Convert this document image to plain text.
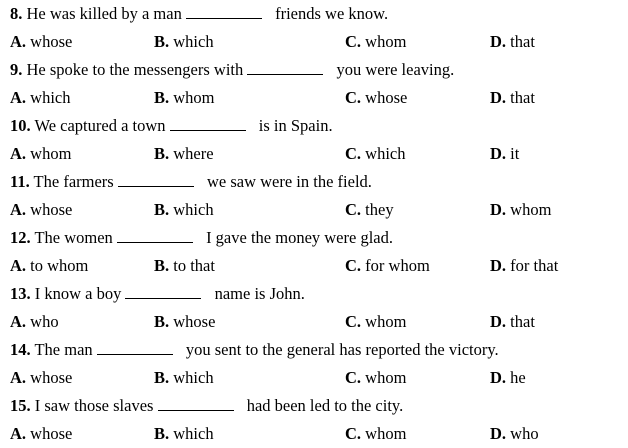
8. He was killed by a man	friends we know.
A. whose	B. which	C. whom	D. that
9. He spoke to the messengers with	you were leaving.
A. which	B. whom	C. whose	D. that
10. We captured a town	is in Spain.
A. whom	B. where	C. which	D. it
11. The farmers	we saw were in the field.
A. whose	B. which	C. they	D. whom
12. The women	I gave the money were glad.
A. to whom	B. to that	C. for whom	D. for that
13. I know a boy	name is John.
A. who	B. whose	C. whom	D. that
14. The man	you sent to the general has reported the victory.
A. whose	B. which	C. whom	D. he
15. I saw those slaves	had been led to the city.
A. whose	B. which	C. whom	D. who
